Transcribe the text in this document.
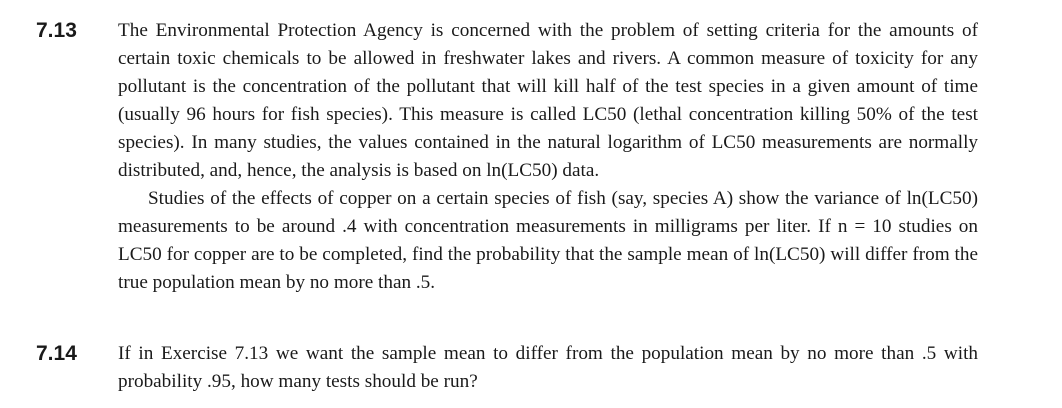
7.13 The Environmental Protection Agency is concerned with the problem of setting criteria for the amounts of certain toxic chemicals to be allowed in freshwater lakes and rivers. A common measure of toxicity for any pollutant is the concentration of the pollutant that will kill half of the test species in a given amount of time (usually 96 hours for fish species). This measure is called LC50 (lethal concentration killing 50% of the test species). In many studies, the values contained in the natural logarithm of LC50 measurements are normally distributed, and, hence, the analysis is based on ln(LC50) data.

Studies of the effects of copper on a certain species of fish (say, species A) show the variance of ln(LC50) measurements to be around .4 with concentration measurements in milligrams per liter. If n = 10 studies on LC50 for copper are to be completed, find the probability that the sample mean of ln(LC50) will differ from the true population mean by no more than .5.

7.14 If in Exercise 7.13 we want the sample mean to differ from the population mean by no more than .5 with probability .95, how many tests should be run?
